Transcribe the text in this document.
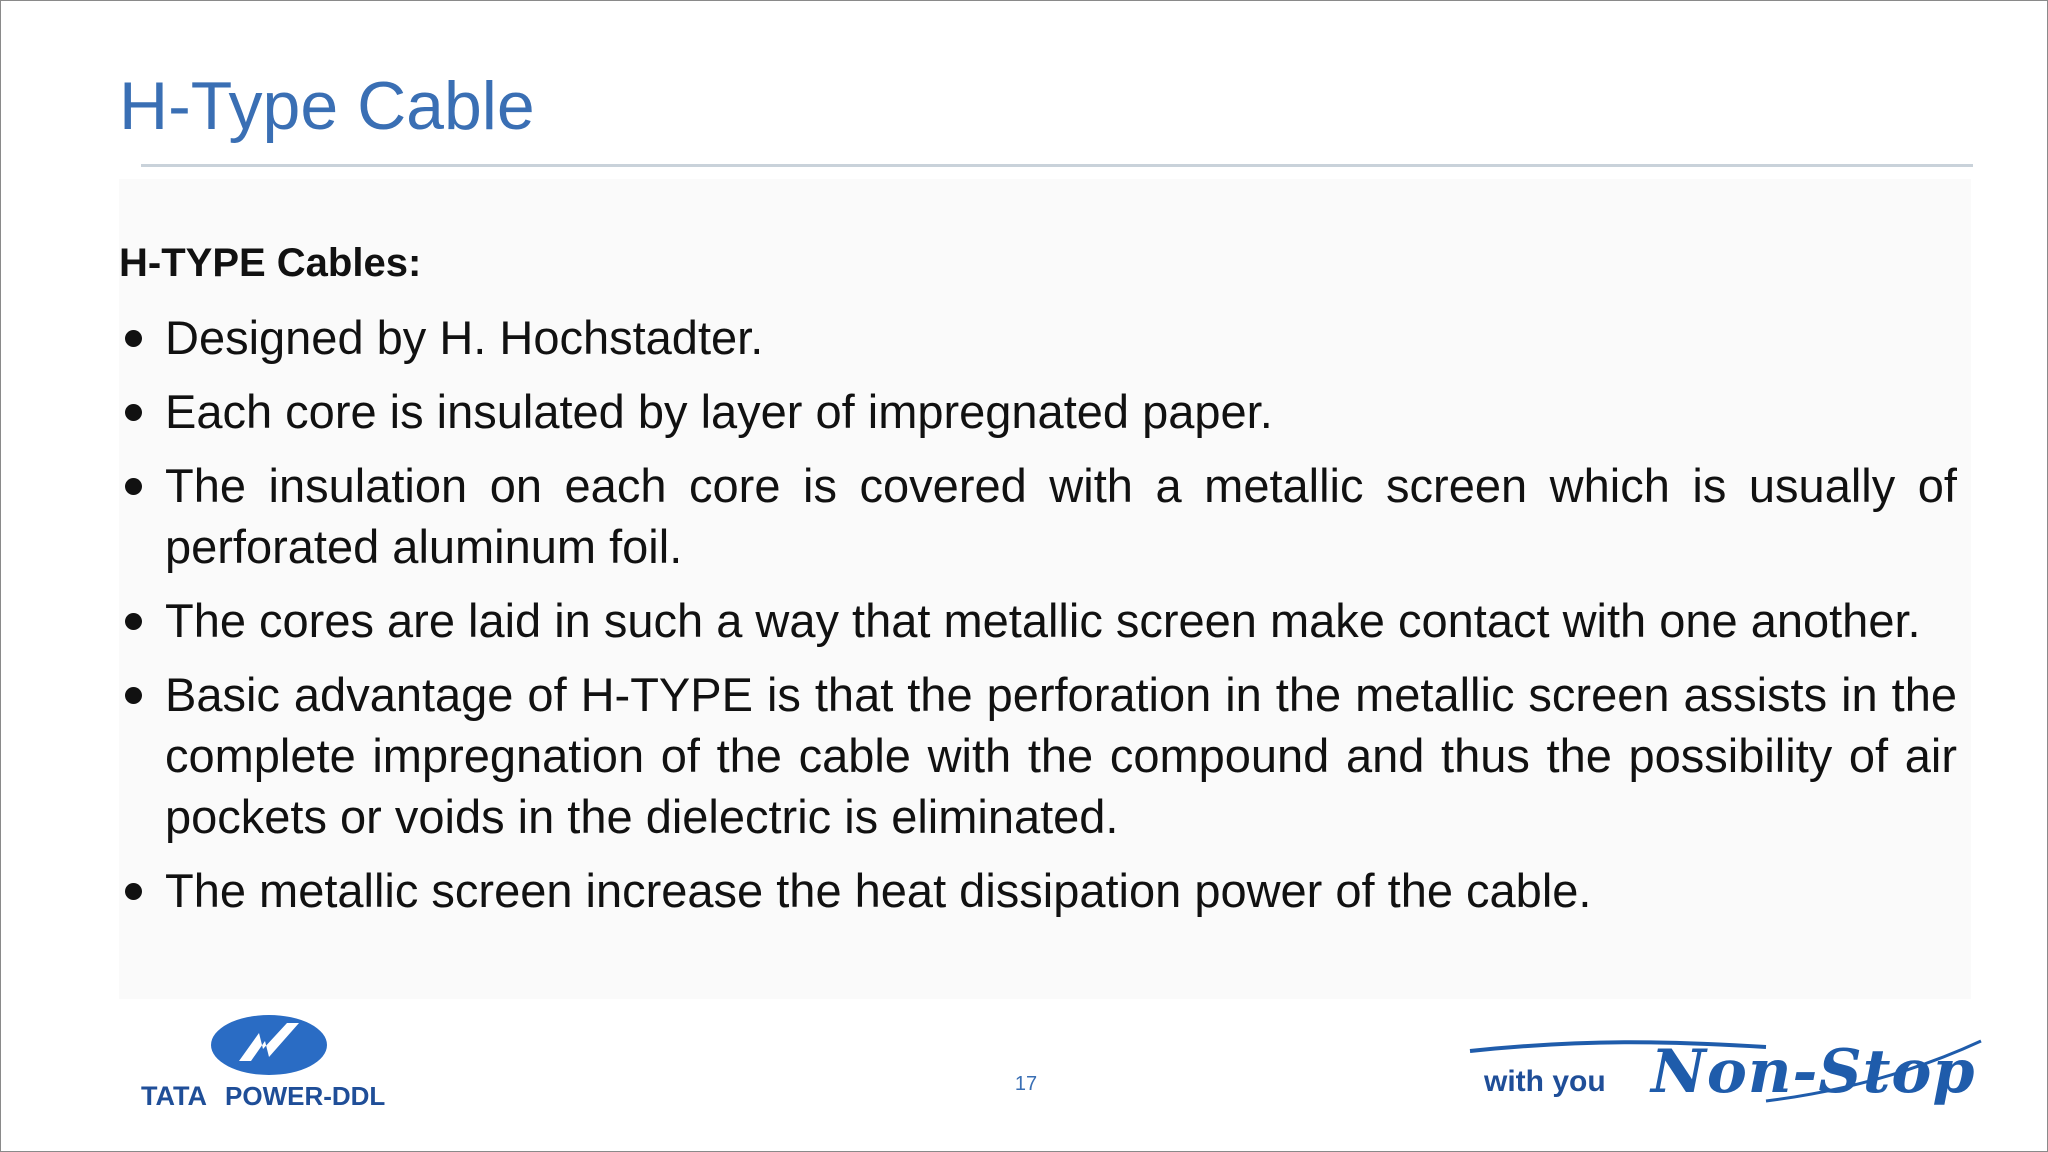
H-Type Cable
H-TYPE Cables:
Designed by H. Hochstadter.
Each core is insulated by layer of impregnated paper.
The insulation on each core is covered with a metallic screen which is usually of perforated aluminum foil.
The cores are laid in such a way that metallic screen make contact with one another.
Basic advantage of H-TYPE is that the perforation in the metallic screen assists in the complete impregnation of the cable with the compound and thus the possibility of air pockets or voids in the dielectric is eliminated.
The metallic screen increase the heat dissipation power of the cable.
TATA POWER-DDL	17	with you Non-Stop
